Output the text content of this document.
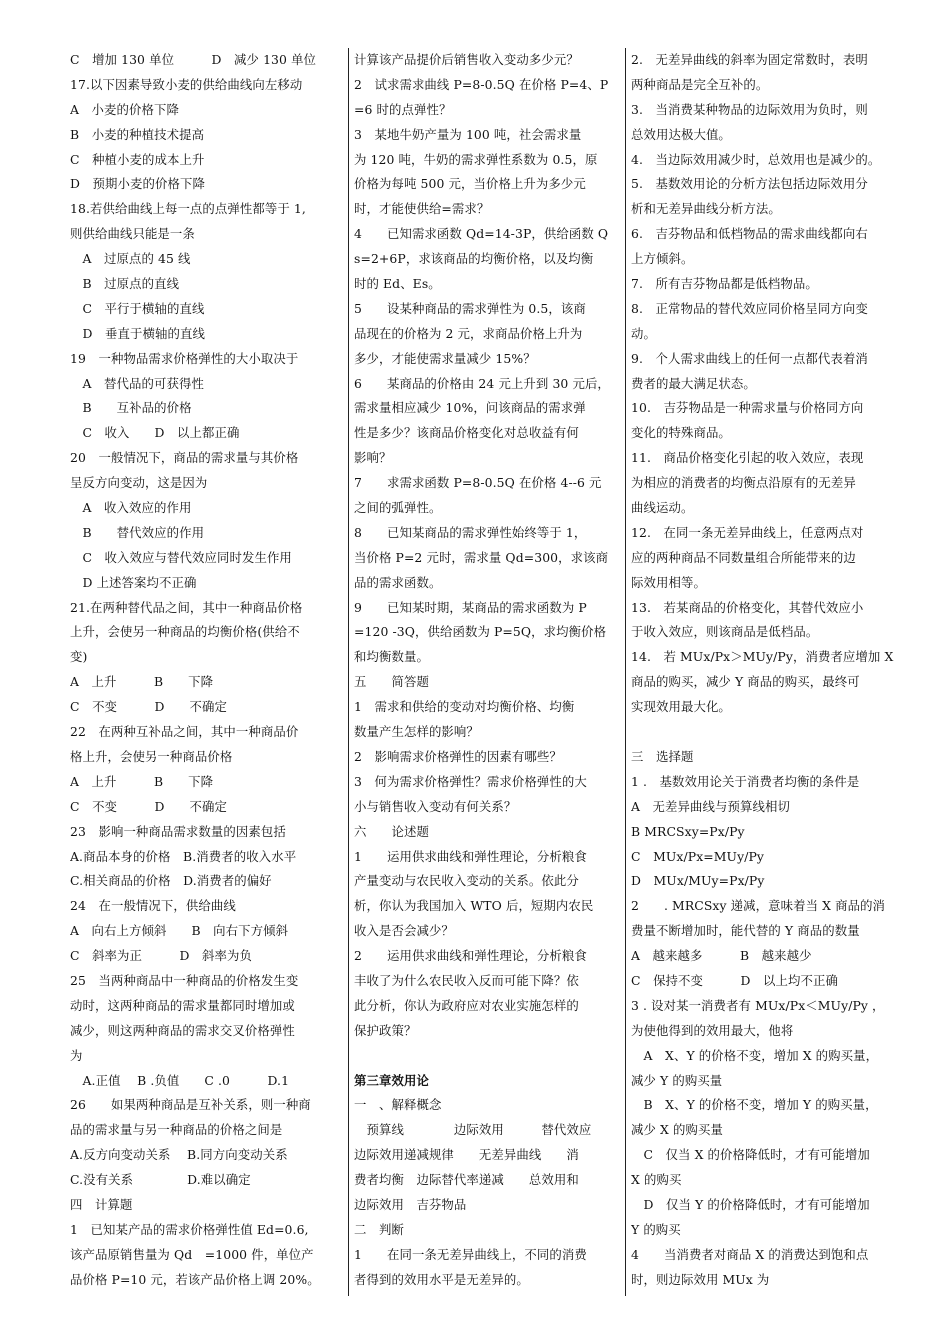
C　增加 130 单位　　　D　减少 130 单位
17.以下因素导致小麦的供给曲线向左移动
A　小麦的价格下降
B　小麦的种植技术提高
C　种植小麦的成本上升
D　预期小麦的价格下降
18.若供给曲线上每一点的点弹性都等于 1,
则供给曲线只能是一条
　A　过原点的 45 线
　B　过原点的直线
　C　平行于横轴的直线
　D　垂直于横轴的直线
19　一种物品需求价格弹性的大小取决于
　A　替代品的可获得性
　B　　互补品的价格
　C　收入　　D　以上都正确
20　一般情况下，商品的需求量与其价格
呈反方向变动，这是因为
　A　收入效应的作用
　B　　替代效应的作用
　C　收入效应与替代效应同时发生作用
　D 上述答案均不正确
21.在两种替代品之间，其中一种商品价格
上升，会使另一种商品的均衡价格(供给不
变)
A　上升　　　B　　下降
C　不变　　　D　　不确定
22　在两种互补品之间，其中一种商品价
格上升，会使另一种商品价格
A　上升　　　B　　下降
C　不变　　　D　　不确定
23　影响一种商品需求数量的因素包括
A.商品本身的价格　B.消费者的收入水平
C.相关商品的价格　D.消费者的偏好
24　在一般情况下，供给曲线
A　向右上方倾斜　　B　向右下方倾斜
C　斜率为正　　　D　斜率为负
25　当两种商品中一种商品的价格发生变
动时，这两种商品的需求量都同时增加或
减少，则这两种商品的需求交叉价格弹性
为
　A.正值　 B .负值　　C .0　　　D.1
26　　如果两种商品是互补关系，则一种商
品的需求量与另一种商品的价格之间是
A.反方向变动关系　 B.同方向变动关系
C.没有关系　　　　 D.难以确定
四　计算题
1　已知某产品的需求价格弹性值 Ed=0.6,
该产品原销售量为 Qd　=1000 件，单位产
品价格 P=10 元，若该产品价格上调 20%。
计算该产品提价后销售收入变动多少元？
2　试求需求曲线 P=8-0.5Q 在价格 P=4、P
=6 时的点弹性？
3　某地牛奶产量为 100 吨，社会需求量
为 120 吨，牛奶的需求弹性系数为 0.5，原
价格为每吨 500 元，当价格上升为多少元
时，才能使供给=需求？
4　　已知需求函数 Qd=14-3P，供给函数 Q
s=2+6P，求该商品的均衡价格，以及均衡
时的 Ed、Es。
5　　设某种商品的需求弹性为 0.5，该商
品现在的价格为 2 元，求商品价格上升为
多少，才能使需求量减少 15%？
6　　某商品的价格由 24 元上升到 30 元后，
需求量相应减少 10%，问该商品的需求弹
性是多少？该商品价格变化对总收益有何
影响？
7　　求需求函数 P=8-0.5Q 在价格 4--6 元
之间的弧弹性。
8　　已知某商品的需求弹性始终等于 1，
当价格 P=2 元时，需求量 Qd=300，求该商
品的需求函数。
9　　已知某时期，某商品的需求函数为 P
=120 -3Q，供给函数为 P=5Q，求均衡价格
和均衡数量。
五　　简答题
1　需求和供给的变动对均衡价格、均衡
数量产生怎样的影响？
2　影响需求价格弹性的因素有哪些？
3　何为需求价格弹性？需求价格弹性的大
小与销售收入变动有何关系？
六　　论述题
1　　运用供求曲线和弹性理论，分析粮食
产量变动与农民收入变动的关系。依此分
析，你认为我国加入 WTO 后，短期内农民
收入是否会减少？
2　　运用供求曲线和弹性理论，分析粮食
丰收了为什么农民收入反而可能下降？依
此分析，你认为政府应对农业实施怎样的
保护政策？
第三章效用论
一　、解释概念
　预算线　　　　边际效用　　　替代效应
边际效用递减规律　　无差异曲线　　消
费者均衡　边际替代率递减　　总效用和
边际效用　吉芬物品
二　判断
1　　在同一条无差异曲线上，不同的消费
者得到的效用水平是无差异的。
2.　无差异曲线的斜率为固定常数时，表明
两种商品是完全互补的。
3.　当消费某种物品的边际效用为负时，则
总效用达极大值。
4.　当边际效用减少时，总效用也是减少的。
5.　基数效用论的分析方法包括边际效用分
析和无差异曲线分析方法。
6.　吉芬物品和低档物品的需求曲线都向右
上方倾斜。
7.　所有吉芬物品都是低档物品。
8.　正常物品的替代效应同价格呈同方向变
动。
9.　个人需求曲线上的任何一点都代表着消
费者的最大满足状态。
10.　吉芬物品是一种需求量与价格同方向
变化的特殊商品。
11.　商品价格变化引起的收入效应，表现
为相应的消费者的均衡点沿原有的无差异
曲线运动。
12.　在同一条无差异曲线上，任意两点对
应的两种商品不同数量组合所能带来的边
际效用相等。
13.　若某商品的价格变化，其替代效应小
于收入效应，则该商品是低档品。
14.　若 MUx/Px＞MUy/Py，消费者应增加 X
商品的购买，减少 Y 商品的购买，最终可
实现效用最大化。
三　选择题
1 .　基数效用论关于消费者均衡的条件是
A　无差异曲线与预算线相切
B MRCSxy=Px/Py
C　MUx/Px=MUy/Py
D　MUx/MUy=Px/Py
2　　. MRCSxy 递减，意味着当 X 商品的消
费量不断增加时，能代替的 Y 商品的数量
A　越来越多　　　B　越来越少
C　保持不变　　　D　以上均不正确
3 . 设对某一消费者有 MUx/Px＜MUy/Py ，
为使他得到的效用最大，他将
　A　X、Y 的价格不变，增加 X 的购买量，
减少 Y 的购买量
　B　X、Y 的价格不变，增加 Y 的购买量，
减少 X 的购买量
　C　仅当 X 的价格降低时，才有可能增加
X 的购买
　D　仅当 Y 的价格降低时，才有可能增加
Y 的购买
4　　当消费者对商品 X 的消费达到饱和点
时，则边际效用 MUx 为
